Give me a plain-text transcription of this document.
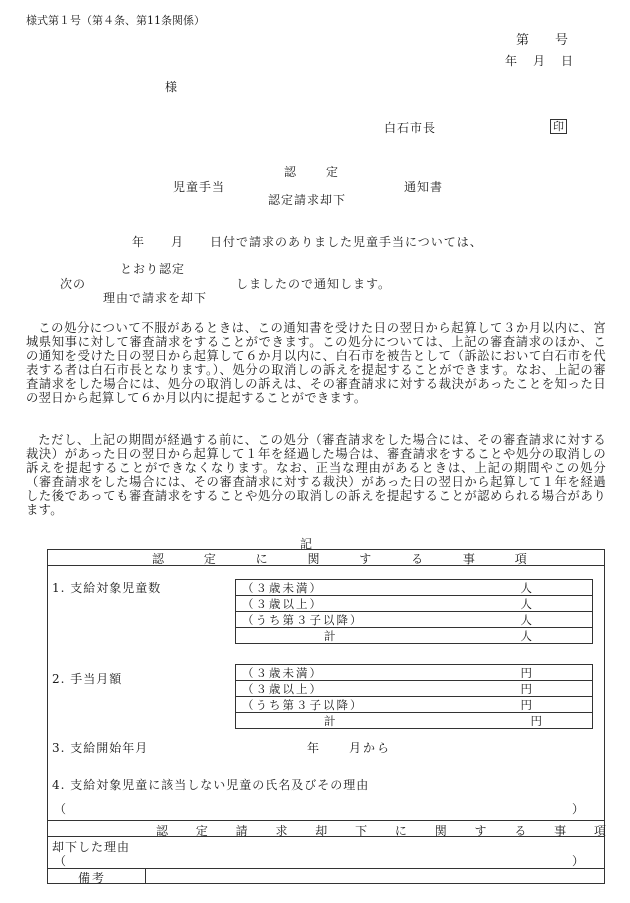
様式第１号（第４条、第11条関係）
第　　号
年　月　日
様
白石市長	印
認　　定
児童手当	通知書
認定請求却下
年　　月　　日付で請求のありました児童手当については、
とおり認定
次の	しましたので通知します。
理由で請求を却下
この処分について不服があるときは、この通知書を受けた日の翌日から起算して３か月以内に、宮城県知事に対して審査請求をすることができます。この処分については、上記の審査請求のほか、この通知を受けた日の翌日から起算して６か月以内に、白石市を被告として（訴訟において白石市を代表する者は白石市長となります。）、処分の取消しの訴えを提起することができます。なお、上記の審査請求をした場合には、処分の取消しの訴えは、その審査請求に対する裁決があったことを知った日の翌日から起算して６か月以内に提起することができます。
ただし、上記の期間が経過する前に、この処分（審査請求をした場合には、その審査請求に対する裁決）があった日の翌日から起算して１年を経過した場合は、審査請求をすることや処分の取消しの訴えを提起することができなくなります。なお、正当な理由があるときは、上記の期間やこの処分（審査請求をした場合には、その審査請求に対する裁決）があった日の翌日から起算して１年を経過した後であっても審査請求をすることや処分の取消しの訴えを提起することが認められる場合があります。
記
認 定 に 関 す る 事 項
1. 支給対象児童数	（３歳未満）	人
（３歳以上）	人
（うち第３子以降）	人
計	人
2. 手当月額	（３歳未満）	円
（３歳以上）	円
（うち第３子以降）	円
計	円
3. 支給開始年月	年　　月から
4. 支給対象児童に該当しない児童の氏名及びその理由
（	）
認 定 請 求 却 下 に 関 す る 事 項
却下した理由
（	）
備考
